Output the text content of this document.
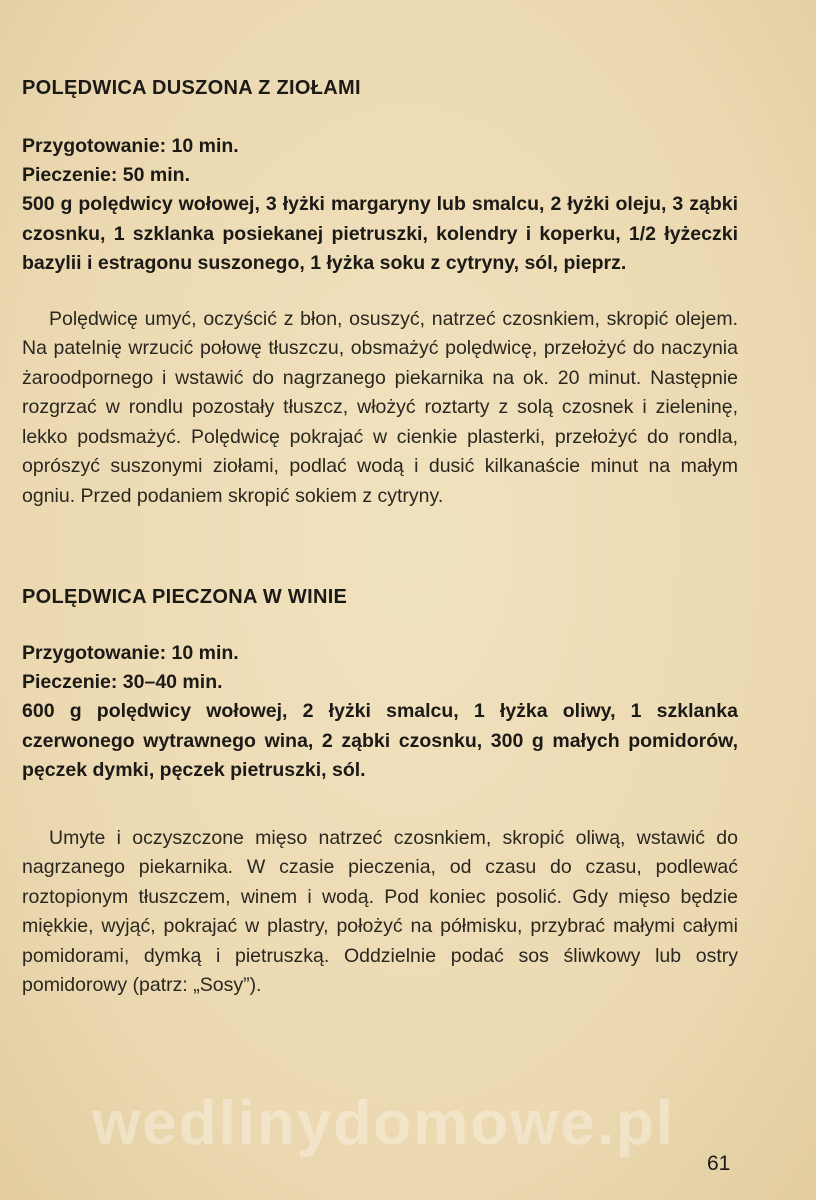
POLĘDWICA DUSZONA Z ZIOŁAMI

Przygotowanie: 10 min.

Pieczenie: 50 min.

500 g polędwicy wołowej, 3 łyżki margaryny lub smalcu, 2 łyżki oleju, 3 ząbki czosnku, 1 szklanka posiekanej pietruszki, kolendry i koperku, 1/2 łyżeczki bazylii i estragonu suszonego, 1 łyżka soku z cytryny, sól, pieprz.

Polędwicę umyć, oczyścić z błon, osuszyć, natrzeć czosnkiem, skropić olejem. Na patelnię wrzucić połowę tłuszczu, obsmażyć polędwicę, przełożyć do naczynia żaroodpornego i wstawić do nagrzanego piekarnika na ok. 20 minut. Następnie rozgrzać w rondlu pozostały tłuszcz, włożyć roztarty z solą czosnek i zieleninę, lekko podsmażyć. Polędwicę pokrajać w cienkie plasterki, przełożyć do rondla, oprószyć suszonymi ziołami, podlać wodą i dusić kilkanaście minut na małym ogniu. Przed podaniem skropić sokiem z cytryny.

POLĘDWICA PIECZONA W WINIE

Przygotowanie: 10 min.

Pieczenie: 30–40 min.

600 g polędwicy wołowej, 2 łyżki smalcu, 1 łyżka oliwy, 1 szklanka czerwonego wytrawnego wina, 2 ząbki czosnku, 300 g małych pomidorów, pęczek dymki, pęczek pietruszki, sól.

Umyte i oczyszczone mięso natrzeć czosnkiem, skropić oliwą, wstawić do nagrzanego piekarnika. W czasie pieczenia, od czasu do czasu, podlewać roztopionym tłuszczem, winem i wodą. Pod koniec posolić. Gdy mięso będzie miękkie, wyjąć, pokrajać w plastry, położyć na półmisku, przybrać małymi całymi pomidorami, dymką i pietruszką. Oddzielnie podać sos śliwkowy lub ostry pomidorowy (patrz: „Sosy”).

wedlinydomowe.pl
61
